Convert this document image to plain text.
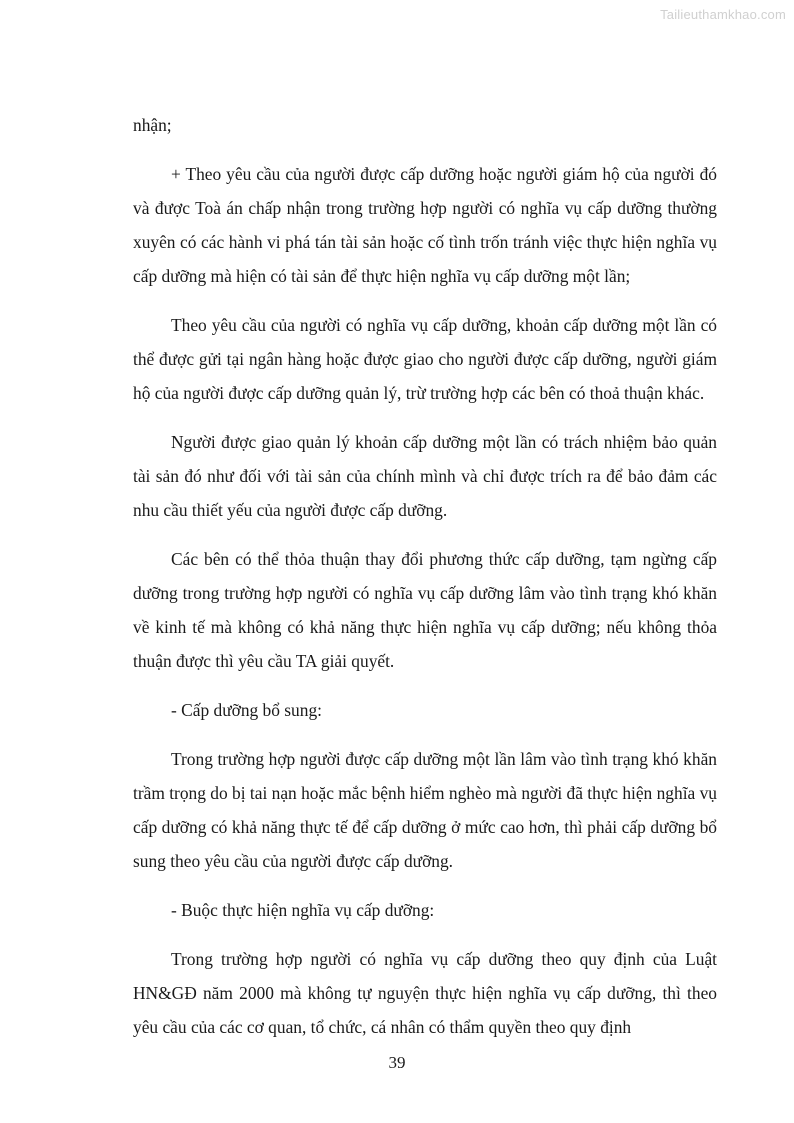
Tailieuthamkhao.com

nhận;

+ Theo yêu cầu của người được cấp dưỡng hoặc người giám hộ của người đó và được Toà án chấp nhận trong trường hợp người có nghĩa vụ cấp dưỡng thường xuyên có các hành vi phá tán tài sản hoặc cố tình trốn tránh việc thực hiện nghĩa vụ cấp dưỡng mà hiện có tài sản để thực hiện nghĩa vụ cấp dưỡng một lần;

Theo yêu cầu của người có nghĩa vụ cấp dưỡng, khoản cấp dưỡng một lần có thể được gửi tại ngân hàng hoặc được giao cho người được cấp dưỡng, người giám hộ của người được cấp dưỡng quản lý, trừ trường hợp các bên có thoả thuận khác.

Người được giao quản lý khoản cấp dưỡng một lần có trách nhiệm bảo quản tài sản đó như đối với tài sản của chính mình và chỉ được trích ra để bảo đảm các nhu cầu thiết yếu của người được cấp dưỡng.

Các bên có thể thỏa thuận thay đổi phương thức cấp dưỡng, tạm ngừng cấp dưỡng trong trường hợp người có nghĩa vụ cấp dưỡng lâm vào tình trạng khó khăn về kinh tế mà không có khả năng thực hiện nghĩa vụ cấp dưỡng; nếu không thỏa thuận được thì yêu cầu TA giải quyết.

- Cấp dưỡng bổ sung:

Trong trường hợp người được cấp dưỡng một lần lâm vào tình trạng khó khăn trầm trọng do bị tai nạn hoặc mắc bệnh hiểm nghèo mà người đã thực hiện nghĩa vụ cấp dưỡng có khả năng thực tế để cấp dưỡng ở mức cao hơn, thì phải cấp dưỡng bổ sung theo yêu cầu của người được cấp dưỡng.

- Buộc thực hiện nghĩa vụ cấp dưỡng:

Trong trường hợp người có nghĩa vụ cấp dưỡng theo quy định của Luật HN&GĐ năm 2000 mà không tự nguyện thực hiện nghĩa vụ cấp dưỡng, thì theo yêu cầu của các cơ quan, tổ chức, cá nhân có thẩm quyền theo quy định

39
